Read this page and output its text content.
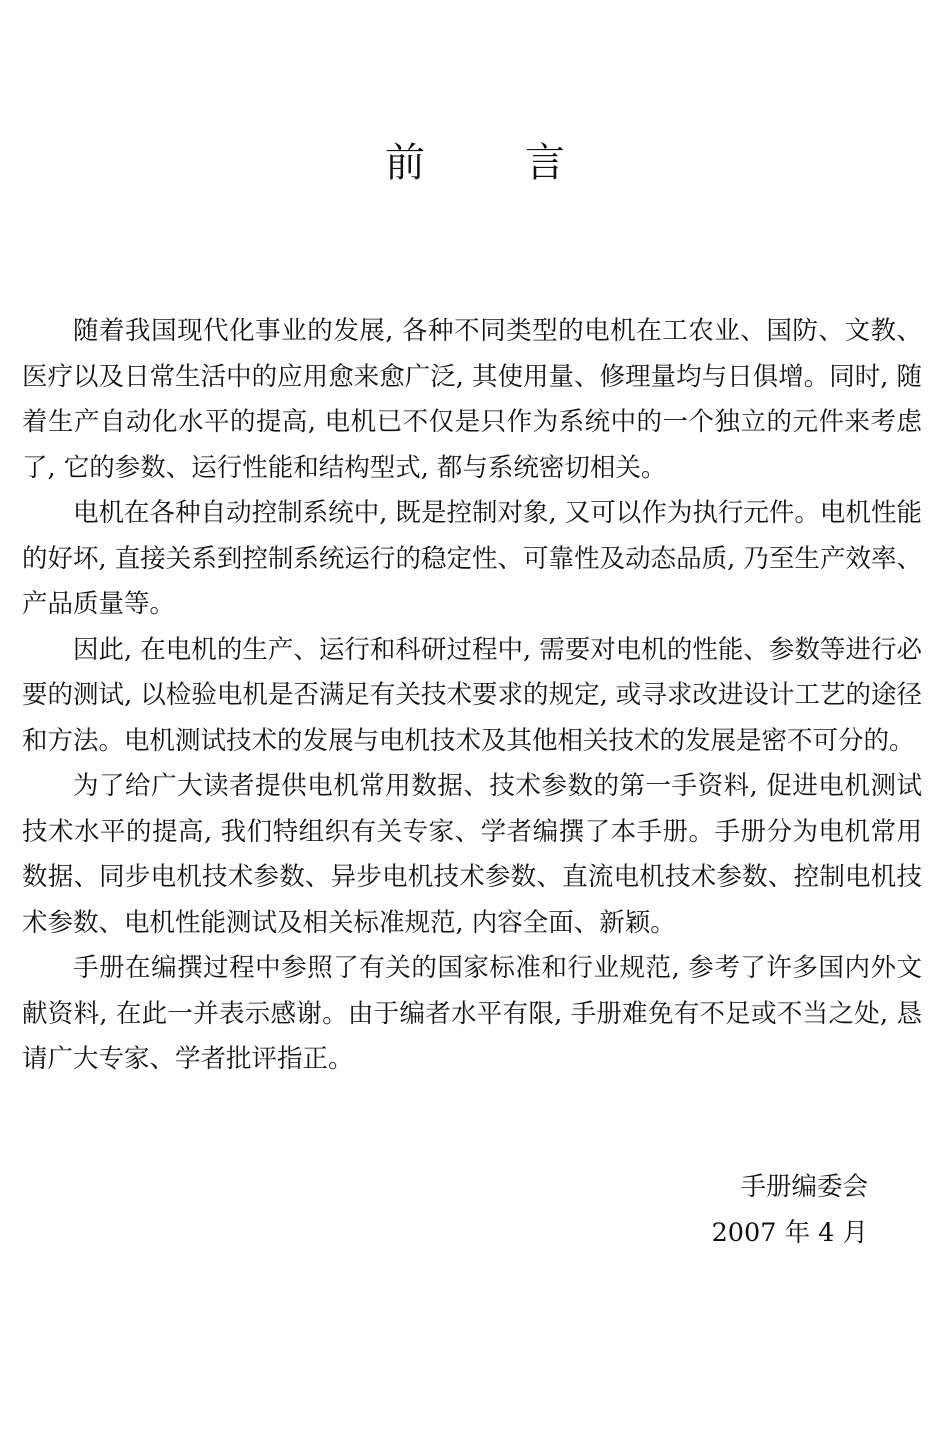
前	言

随着我国现代化事业的发展, 各种不同类型的电机在工农业、国防、文教、医疗以及日常生活中的应用愈来愈广泛, 其使用量、修理量均与日俱增。同时, 随着生产自动化水平的提高, 电机已不仅是只作为系统中的一个独立的元件来考虑了, 它的参数、运行性能和结构型式, 都与系统密切相关。

电机在各种自动控制系统中, 既是控制对象, 又可以作为执行元件。电机性能的好坏, 直接关系到控制系统运行的稳定性、可靠性及动态品质, 乃至生产效率、产品质量等。

因此, 在电机的生产、运行和科研过程中, 需要对电机的性能、参数等进行必要的测试, 以检验电机是否满足有关技术要求的规定, 或寻求改进设计工艺的途径和方法。电机测试技术的发展与电机技术及其他相关技术的发展是密不可分的。

为了给广大读者提供电机常用数据、技术参数的第一手资料, 促进电机测试技术水平的提高, 我们特组织有关专家、学者编撰了本手册。手册分为电机常用数据、同步电机技术参数、异步电机技术参数、直流电机技术参数、控制电机技术参数、电机性能测试及相关标准规范, 内容全面、新颖。

手册在编撰过程中参照了有关的国家标准和行业规范, 参考了许多国内外文献资料, 在此一并表示感谢。由于编者水平有限, 手册难免有不足或不当之处, 恳请广大专家、学者批评指正。

手册编委会
2007 年 4 月
